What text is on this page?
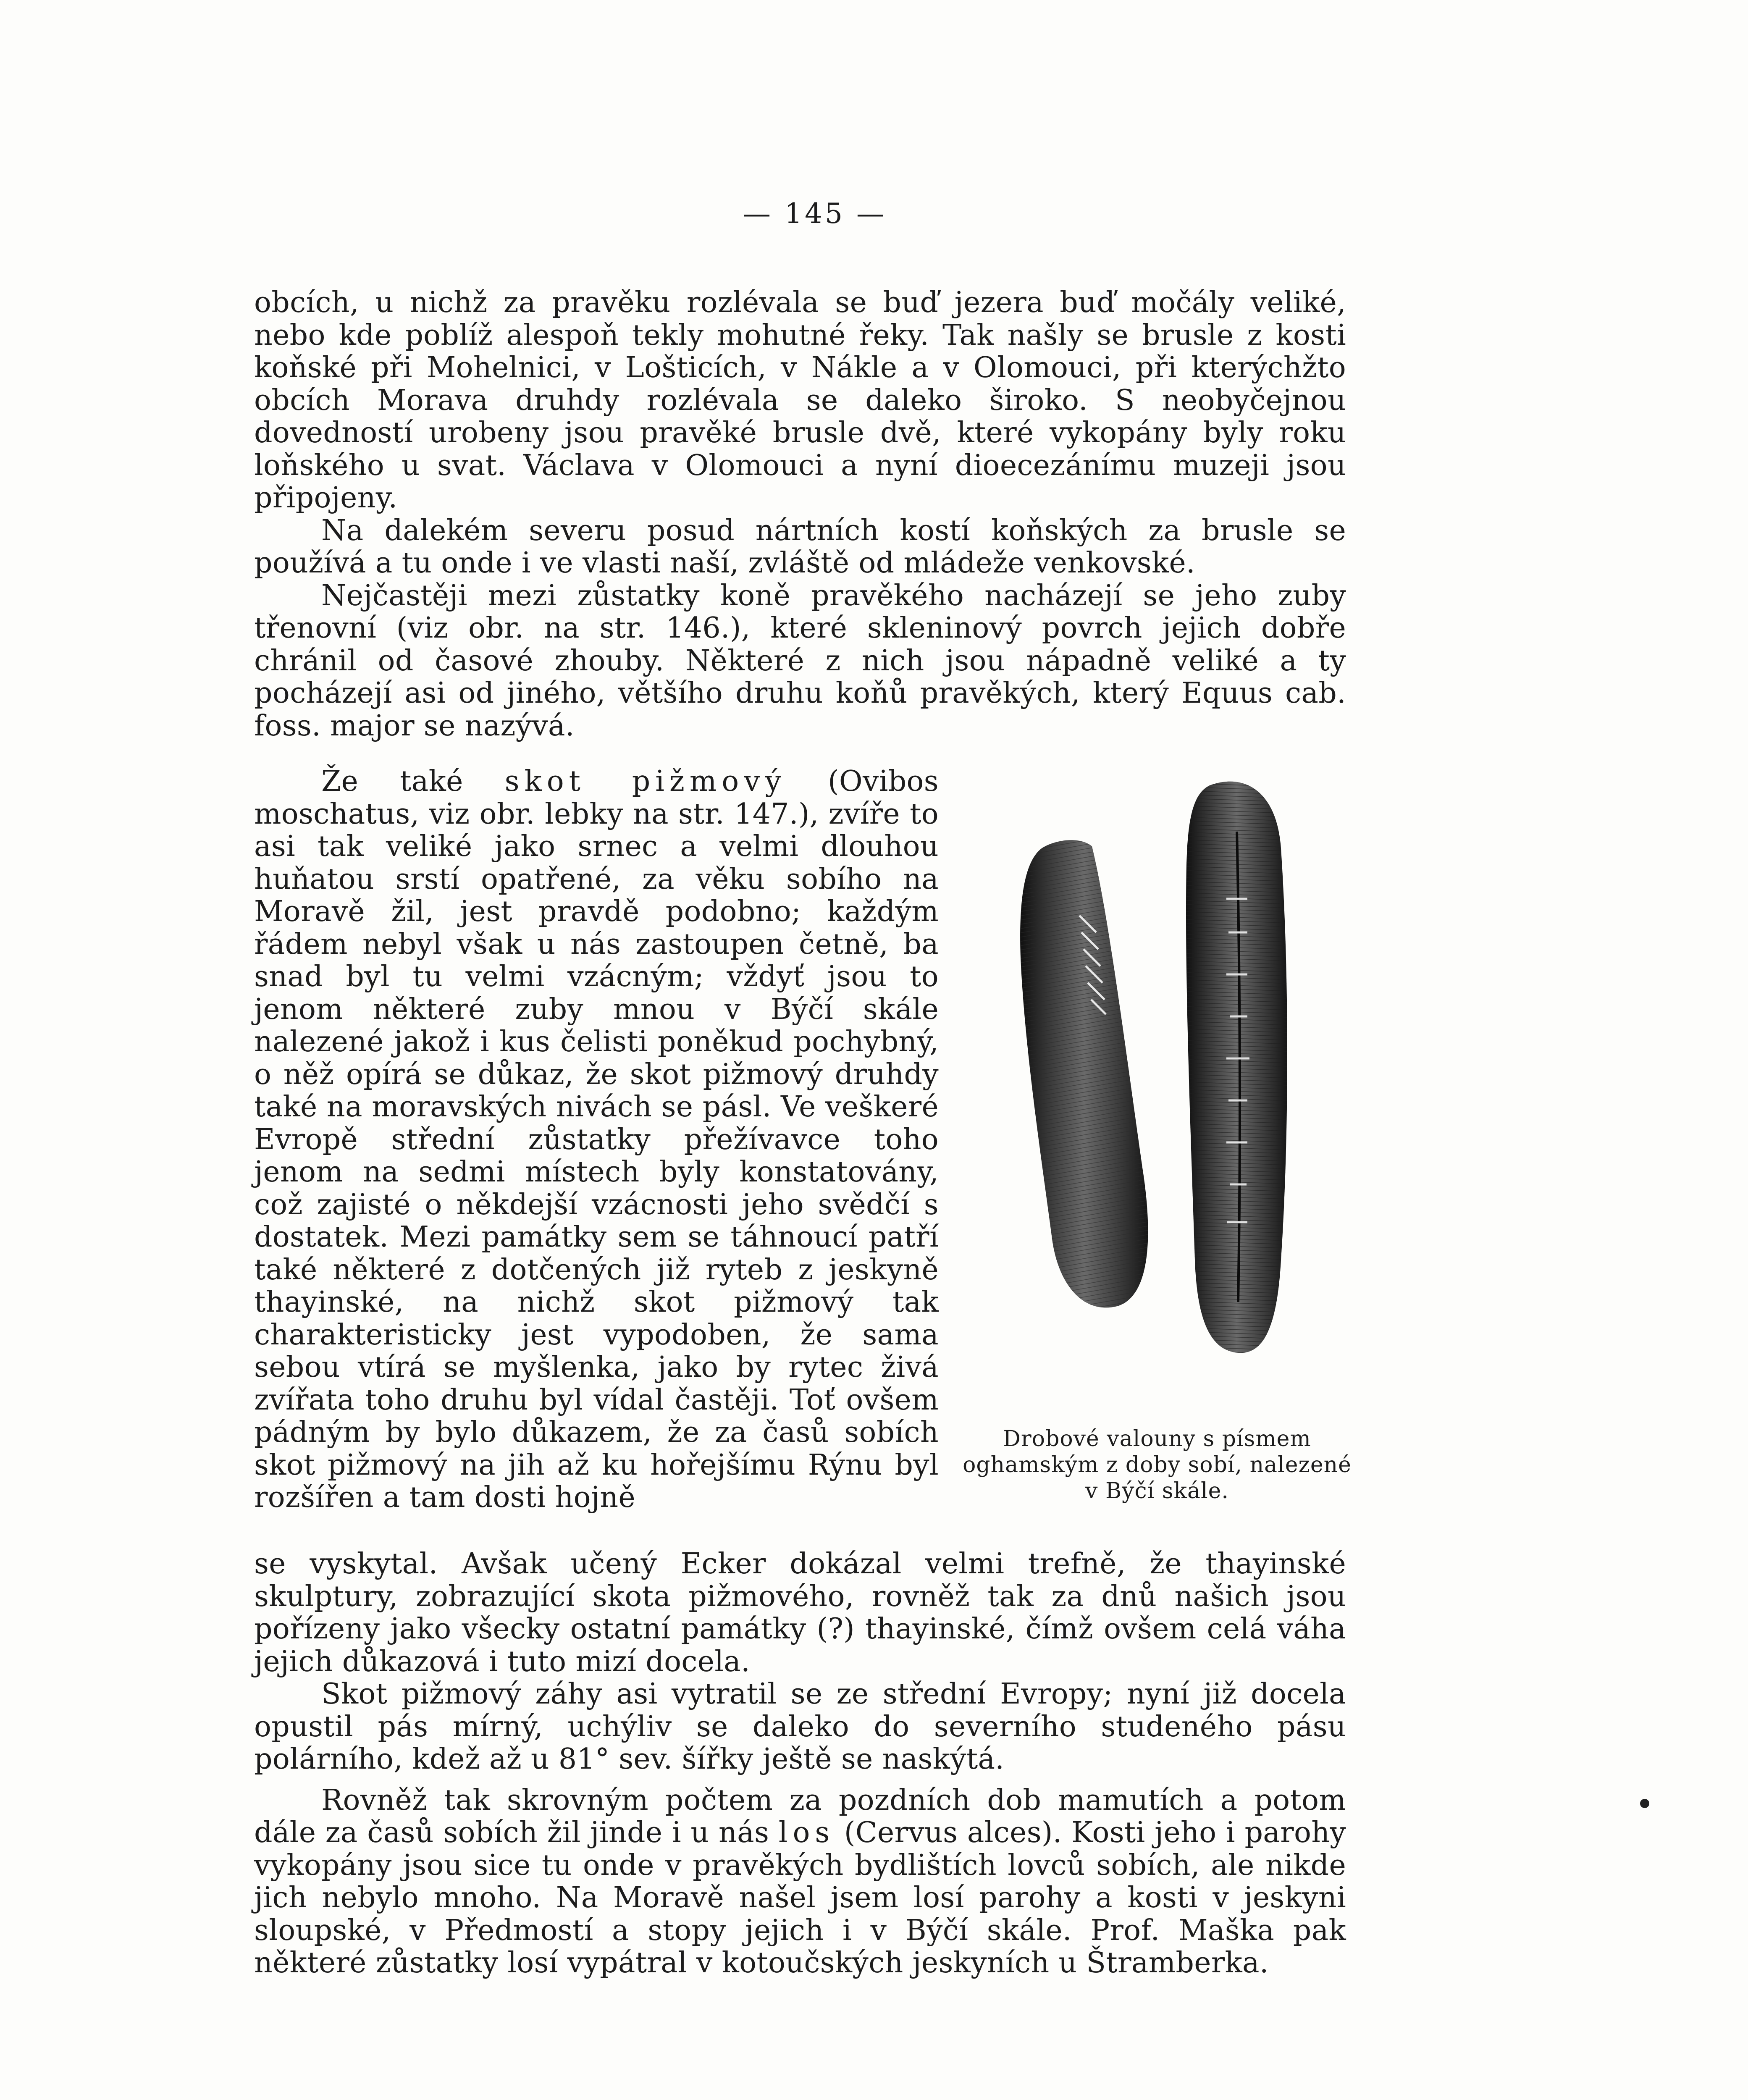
— 145 —

obcích, u nichž za pravěku rozlévala se buď jezera buď močály veliké, nebo kde poblíž alespoň tekly mohutné řeky. Tak našly se brusle z kosti koňské při Mohelnici, v Lošticích, v Nákle a v Olomouci, při kterýchžto obcích Morava druhdy rozlévala se daleko široko. S neobyčejnou dovedností urobeny jsou pravěké brusle dvě, které vykopány byly roku loňského u svat. Václava v Olomouci a nyní dioecezánímu muzeji jsou připojeny.

Na dalekém severu posud nártních kostí koňských za brusle se používá a tu onde i ve vlasti naší, zvláště od mládeže venkovské.

Nejčastěji mezi zůstatky koně pravěkého nacházejí se jeho zuby třenovní (viz obr. na str. 146.), které skleninový povrch jejich dobře chránil od časové zhouby. Některé z nich jsou nápadně veliké a ty pocházejí asi od jiného, většího druhu koňů pravěkých, který Equus cab. foss. major se nazývá.

Že také skot pižmový (Ovibos moschatus, viz obr. lebky na str. 147.), zvíře to asi tak veliké jako srnec a velmi dlouhou huňatou srstí opatřené, za věku sobího na Moravě žil, jest pravdě podobno; každým řádem nebyl však u nás zastoupen četně, ba snad byl tu velmi vzácným; vždyť jsou to jenom některé zuby mnou v Býčí skále nalezené jakož i kus čelisti poněkud pochybný, o něž opírá se důkaz, že skot pižmový druhdy také na moravských nivách se pásl. Ve veškeré Evropě střední zůstatky přežívavce toho jenom na sedmi místech byly konstatovány, což zajisté o někdejší vzácnosti jeho svědčí s dostatek. Mezi památky sem se táhnoucí patří také některé z dotčených již ryteb z jeskyně thayinské, na nichž skot pižmový tak charakteristicky jest vypodoben, že sama sebou vtírá se myšlenka, jako by rytec živá zvířata toho druhu byl vídal častěji. Toť ovšem pádným by bylo důkazem, že za časů sobích skot pižmový na jih až ku hořejšímu Rýnu byl rozšířen a tam dosti hojně

Drobové valouny s písmem oghamským z doby sobí, nalezené v Býčí skále.

se vyskytal. Avšak učený Ecker dokázal velmi trefně, že thayinské skulptury, zobrazující skota pižmového, rovněž tak za dnů našich jsou pořízeny jako všecky ostatní památky (?) thayinské, čímž ovšem celá váha jejich důkazová i tuto mizí docela.

Skot pižmový záhy asi vytratil se ze střední Evropy; nyní již docela opustil pás mírný, uchýliv se daleko do severního studeného pásu polárního, kdež až u 81° sev. šířky ještě se naskýtá.

Rovněž tak skrovným počtem za pozdních dob mamutích a potom dále za časů sobích žil jinde i u nás los (Cervus alces). Kosti jeho i parohy vykopány jsou sice tu onde v pravěkých bydlištích lovců sobích, ale nikde jich nebylo mnoho. Na Moravě našel jsem losí parohy a kosti v jeskyni sloupské, v Předmostí a stopy jejich i v Býčí skále. Prof. Maška pak některé zůstatky losí vypátral v kotoučských jeskyních u Štramberka.
